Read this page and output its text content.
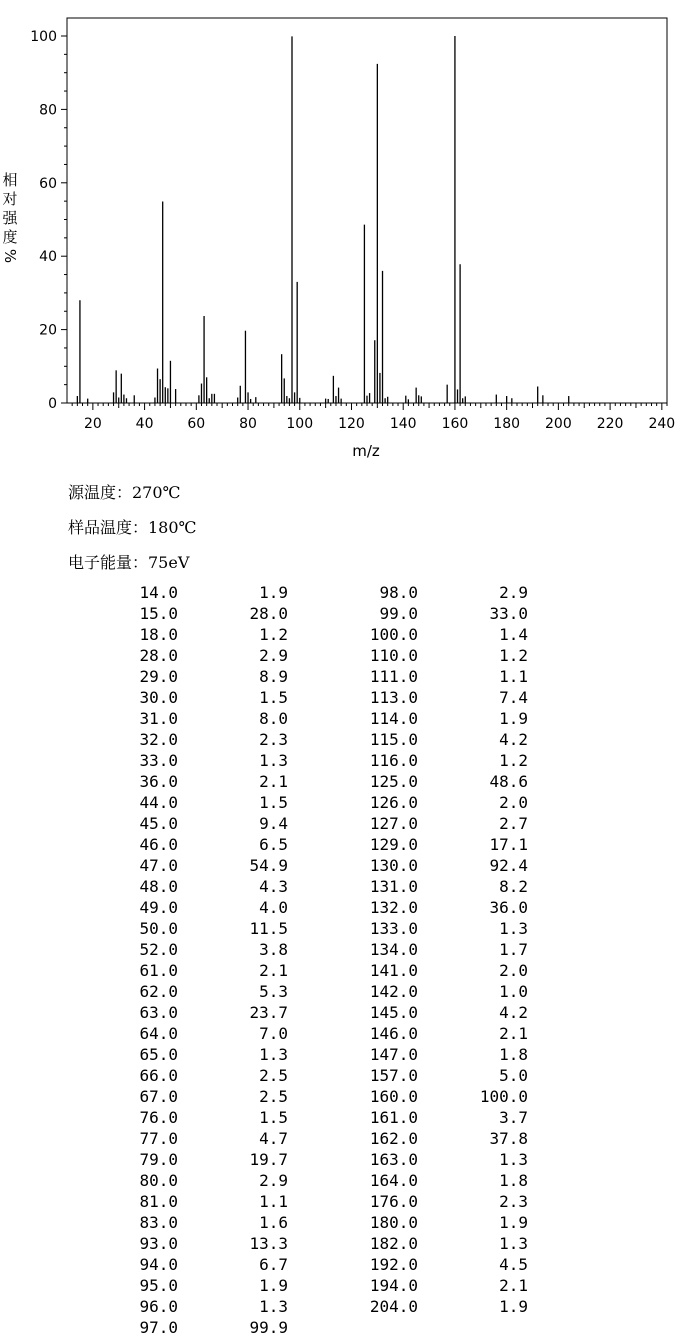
0
20
40
60
80
100
20 40 60 80 100 120 140 160 180 200 220 240
m/z
相
对
强
度
%
源温度：270℃
样品温度：180℃
电子能量：75eV
14.0	1.9
15.0	28.0
18.0	1.2
28.0	2.9
29.0	8.9
30.0	1.5
31.0	8.0
32.0	2.3
33.0	1.3
36.0	2.1
44.0	1.5
45.0	9.4
46.0	6.5
47.0	54.9
48.0	4.3
49.0	4.0
50.0	11.5
52.0	3.8
61.0	2.1
62.0	5.3
63.0	23.7
64.0	7.0
65.0	1.3
66.0	2.5
67.0	2.5
76.0	1.5
77.0	4.7
79.0	19.7
80.0	2.9
81.0	1.1
83.0	1.6
93.0	13.3
94.0	6.7
95.0	1.9
96.0	1.3
97.0	99.9
98.0	2.9
99.0	33.0
100.0	1.4
110.0	1.2
111.0	1.1
113.0	7.4
114.0	1.9
115.0	4.2
116.0	1.2
125.0	48.6
126.0	2.0
127.0	2.7
129.0	17.1
130.0	92.4
131.0	8.2
132.0	36.0
133.0	1.3
134.0	1.7
141.0	2.0
142.0	1.0
145.0	4.2
146.0	2.1
147.0	1.8
157.0	5.0
160.0	100.0
161.0	3.7
162.0	37.8
163.0	1.3
164.0	1.8
176.0	2.3
180.0	1.9
182.0	1.3
192.0	4.5
194.0	2.1
204.0	1.9
